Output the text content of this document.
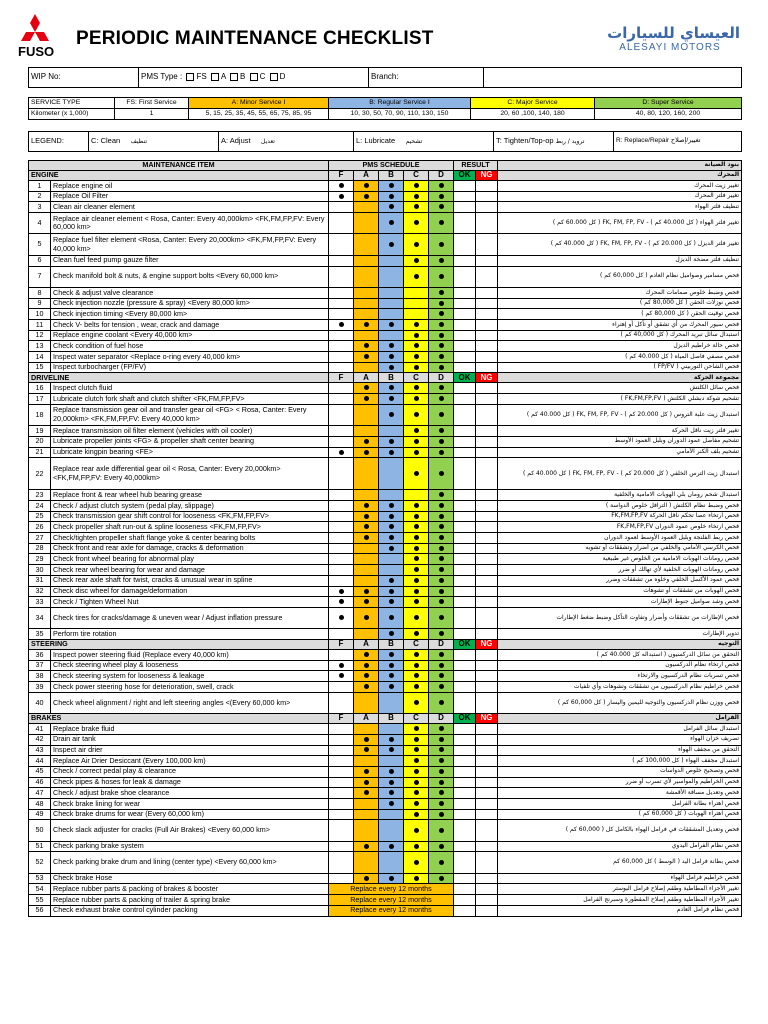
FUSO
PERIODIC MAINTENANCE CHECKLIST	العيساي للسيارات
ALESAYI MOTORS
WIP No:	PMS Type : FS A B C D	Branch:	
SERVICE TYPE	FS: First Service	A: Minor Service I	B: Regular Service I	C: Major Service	D: Super Service
Kilometer (x 1,000)	1	5, 15, 25, 35, 45, 55, 65, 75, 85, 95	10, 30, 50, 70, 90, 110, 130, 150	20, 60 ,100, 140, 180	40, 80, 120, 160, 200
LEGEND:	C: Clean تنظيف	A: Adjust تعديل	L: Lubricate تشحيم	T: Tighten/Top-op ترويد / ربط	R: Replace/Repair تغيير/إصلاح
MAINTENANCE ITEM		PMS SCHEDULE					RESULT		بنود الصيانة
ENGINE		F	A	B	C	D	OK	NG	المحرك
1	Replace engine oil								تغيير زيت المحرك
2	Replace Oil Filter								تغيير فلتر المحرك
3	Clean air cleaner element								تنظيف فلتر الهواء
4	Replace air cleaner element < Rosa, Canter: Every 40,000km> <FK,FM,FP,FV: Every 60,000 km>								تغيير فلتر الهواء ( كل 40.000 كم ) - FK, FM, FP, FV ( كل 60.000 كم )
5	Replace fuel filter element <Rosa, Canter: Every 20,000km> <FK,FM,FP,FV: Every 40,000 km>								تغيير فلتر الديزل ( كل 20.000 كم ) - FK, FM, FP, FV ( كل 40.000 كم )
6	Clean fuel feed pump gauze filter								تنظيف فلتر مضخة الديزل
7	Check manifold bolt & nuts, & engine support bolts <Every 60,000 km>								فحص مسامير وصواميل نظام العادم ( كل 60,000 كم )
8	Check & adjust valve clearance								فحص وضبط خلوص صمامات المحرك
9	Check injection nozzle (pressure & spray) <Every 80,000 km>								فحص نوزلات الحقن ( كل 80,000 كم )
10	Check injection timing <Every 80,000 km>								فحص توقيت الحقن ( كل 80,000 كم )
11	Check V- belts for tension , wear, crack and damage								فحص سيور المحرك من أي تشقق أو تآكل أو إهتراء
12	Replace engine coolant <Every 40,000 km>								استبدال سائل تبريد المحرك ( كل 40,000 كم )
13	Check condition of fuel hose								فحص حالة خراطيم الديزل
14	Inspect water separator <Replace o-ring every 40,000 km>								فحص مصفي فاصل المياه ( كل 40.000 كم )
15	Inspect turbocharger (FP/FV)								فحص الشاحن التوربيني ( FP/FV )
DRIVELINE		F	A	B	C	D	OK	NG	مجموعة الحركة
16	Inspect clutch fluid								فحص سائل الكلتش
17	Lubricate clutch fork shaft and clutch shifter <FK,FM,FP,FV>								تشحيم شوكة دبشلي الكلتش ( FK,FM,FP,FV )
18	Replace transmission gear oil and transfer gear oil <FG> < Rosa, Canter: Every 20,000km> <FK,FM,FP,FV: Every 40,000 km>								استبدال زيت علبة التروس ( كل 20.000 كم ) - FK, FM, FP, FV ( كل 40.000 كم )
19	Replace transmission oil filter element (vehicles with oil cooler)								تغيير فلتر زيت ناقل الحركة
20	Lubricate propeller joints <FG> & propeller shaft center bearing								تشحيم مفاصل عمود الدوران وبلبل العمود الأوسط
21	Lubricate kingpin bearing <FE>								تشحيم بلف الكنر الأمامي
22	Replace rear axle differential gear oil < Rosa, Canter: Every 20,000km> <FK,FM,FP,FV: Every 40,000km>								استبدال زيت الترس الخلفي ( كل 20.000 كم ) - FK, FM, FP, FV ( كل 40.000 كم )
23	Replace front & rear wheel hub bearing grease								استبدال شحم رومان بلي الهوبات الامامية والخلفية
24	Check / adjust clutch system (pedal play, slippage)								فحص وضبط نظام الكلتش ( الترافل خلوص الدواسة )
25	Check transmission gear shift control for looseness <FK,FM,FP,FV>								فحص ارتخاء عصا تحكم ناقل الحركة FK,FM,FP,FV
26	Check propeller shaft run-out & spline looseness <FK,FM,FP,FV>								فحص ارتخاء خلوص عمود الدوران FK,FM,FP,FV
27	Check/tighten propeller shaft flange yoke & center bearing bolts								فحص ربط الفلنجة وبلبل العمود الأوسط لعمود الدوران
28	Check front and rear axle for damage, cracks & deformation								فحص الكرسي الأمامي والخلفي من أضرار وتشققات أو تشويه
29	Check front wheel bearing for abnormal play								فحص رومانات الهوبات الامامية من الخلوص غير طبيعية
30	Check rear wheel bearing for wear and damage								فحص رومانات الهوبات الخلفية لأي تهالك أو ضرر
31	Check rear axle shaft for twist, cracks & unusual wear in spline								فحص عمود الأكسل الخلفي وخلوه من تشققات وضرر
32	Check disc wheel for damage/deformation								فحص الهوبات من تشققات أو تشوهات
33	Check / Tighten Wheel Nut								فحص وشد صواميل جنوط الإطارات
34	Check tires for cracks/damage & uneven wear / Adjust inflation pressure								فحص الإطارات من تشققات وأضرار وتفاوت التآكل وضبط ضغط الإطارات
35	Perform tire rotation								تدوير الإطارات
STEERING		F	A	B	C	D	OK	NG	التوجيه
36	Inspect power steering fluid (Replace every 40,000 km)								التحقق من سائل الدركسيون ( استبداله كل 40.000 كم )
37	Check steering wheel play & looseness								فحص ارتخاء نظام الدركسيون
38	Check steering system for looseness & leakage								فحص تسربات نظام الدركسيون والارتخاء
39	Check power steering hose for deterioration, swell, crack								فحص خراطيم نظام الدركسيون من تشققات وتشوهات وأي تلفيات
40	Check wheel alignment / right and left steering angles <(Every 60,000 km>								فحص ووزن نظام الدركسيون والتوجيه لليمين واليسار ( كل 60,000 كم )
BRAKES		F	A	B	C	D	OK	NG	الفرامل
41	Replace brake fluid								استبدال سائل الفرامل
42	Drain air tank								تصريف خزان الهواء
43	Inspect air drier								التحقق من مجفف الهواء
44	Replace Air Drier Desiccant (Every 100,000 km)								استبدال مجفف الهواء ( كل 100,000 كم )
45	Check / correct pedal play & clearance								فحص وتصحيح خلوص الدواسات
46	Check pipes & hoses for leak & damage								فحص الخراطيم والمواسير لأي تسرب أو ضرر
47	Check / adjust brake shoe clearance								فحص وتعديل مسافة الأقمشة
48	Check brake lining for wear								فحص اهتراء بطانة الفرامل
49	Check brake drums for wear (Every 60,000 km)								فحص اهتراء الهوبات ( كل 60,000 كم )
50	Check slack adjuster for cracks (Full Air Brakes) <Every 60,000 km>								فحص وتعديل المشققات في فرامل الهواء بالكامل كل ( 60,000 كم )
51	Check parking brake system								فحص نظام الفرامل اليدوي
52	Check parking brake drum and lining (center type) <Every 60,000 km>								فحص بطانة فرامل اليد ( الوسط ) كل 60,000 كم
53	Check brake Hose								فحص خراطيم فرامل الهواء
54	Replace rubber parts & packing of brakes & booster	Replace every 12 months							تغيير الأجزاء المطاطية وطقم إصلاح فرامل البوستر
55	Replace rubber parts & packing of trailer & spring brake	Replace every 12 months							تغيير الأجزاء المطاطية وطقم إصلاح المقطورة وسبرنج الفرامل
56	Check exhaust brake control cylinder packing	Replace every 12 months							فحص نظام فرامل العادم
